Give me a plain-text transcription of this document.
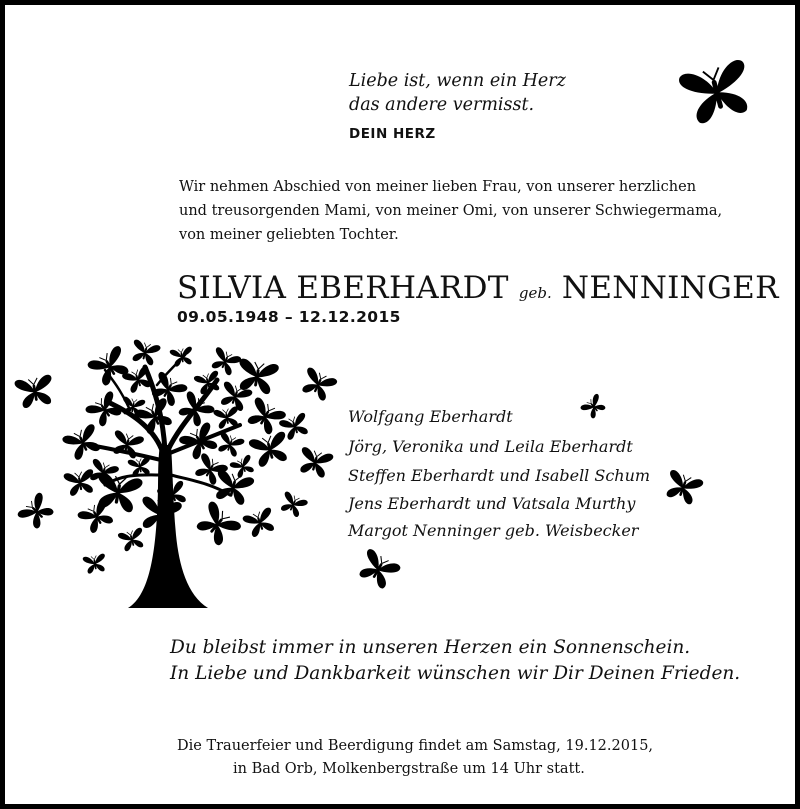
Liebe ist, wenn ein Herz

das andere vermisst.

DEIN HERZ

Wir nehmen Abschied von meiner lieben Frau, von unserer herzlichen

und treusorgenden Mami, von meiner Omi, von unserer Schwiegermama,

von meiner geliebten Tochter.

SILVIA EBERHARDT geb. NENNINGER

09.05.1948 – 12.12.2015

Wolfgang Eberhardt

Jörg, Veronika und Leila Eberhardt

Steffen Eberhardt und Isabell Schum

Jens Eberhardt und Vatsala Murthy

Margot Nenninger geb. Weisbecker

Du bleibst immer in unseren Herzen ein Sonnenschein.

In Liebe und Dankbarkeit wünschen wir Dir Deinen Frieden.

Die Trauerfeier und Beerdigung findet am Samstag, 19.12.2015,

in Bad Orb, Molkenbergstraße um 14 Uhr statt.
